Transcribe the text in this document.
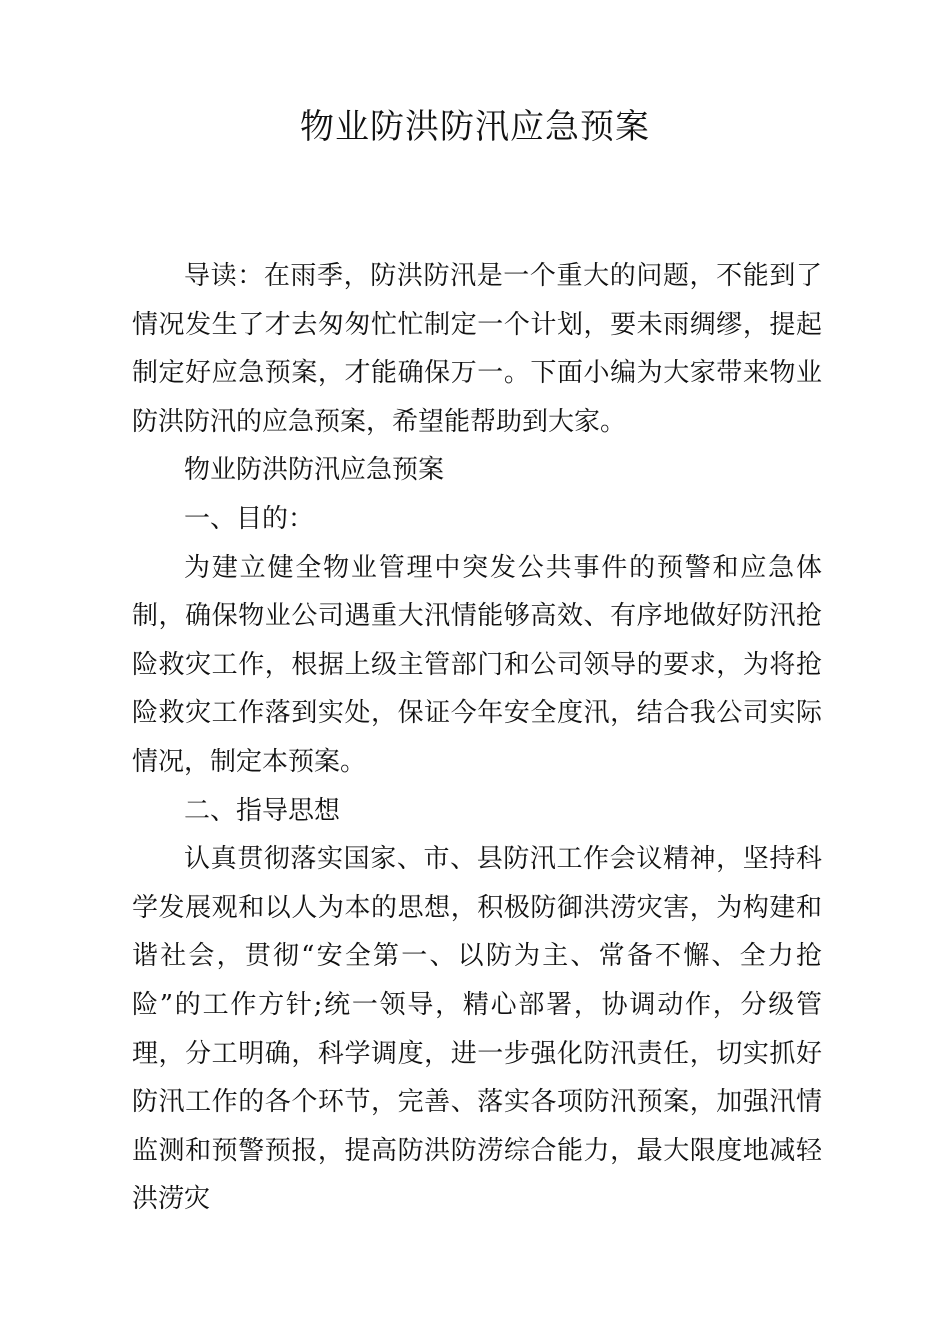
物业防洪防汛应急预案

导读：在雨季，防洪防汛是一个重大的问题，不能到了情况发生了才去匆匆忙忙制定一个计划，要未雨绸缪，提起制定好应急预案，才能确保万一。下面小编为大家带来物业防洪防汛的应急预案，希望能帮助到大家。

物业防洪防汛应急预案

一、目的：

为建立健全物业管理中突发公共事件的预警和应急体制，确保物业公司遇重大汛情能够高效、有序地做好防汛抢险救灾工作，根据上级主管部门和公司领导的要求，为将抢险救灾工作落到实处，保证今年安全度汛，结合我公司实际情况，制定本预案。

二、指导思想

认真贯彻落实国家、市、县防汛工作会议精神，坚持科学发展观和以人为本的思想，积极防御洪涝灾害，为构建和谐社会，贯彻“安全第一、以防为主、常备不懈、全力抢险”的工作方针;统一领导，精心部署，协调动作，分级管理，分工明确，科学调度，进一步强化防汛责任，切实抓好防汛工作的各个环节，完善、落实各项防汛预案，加强汛情监测和预警预报，提高防洪防涝综合能力，最大限度地减轻洪涝灾
